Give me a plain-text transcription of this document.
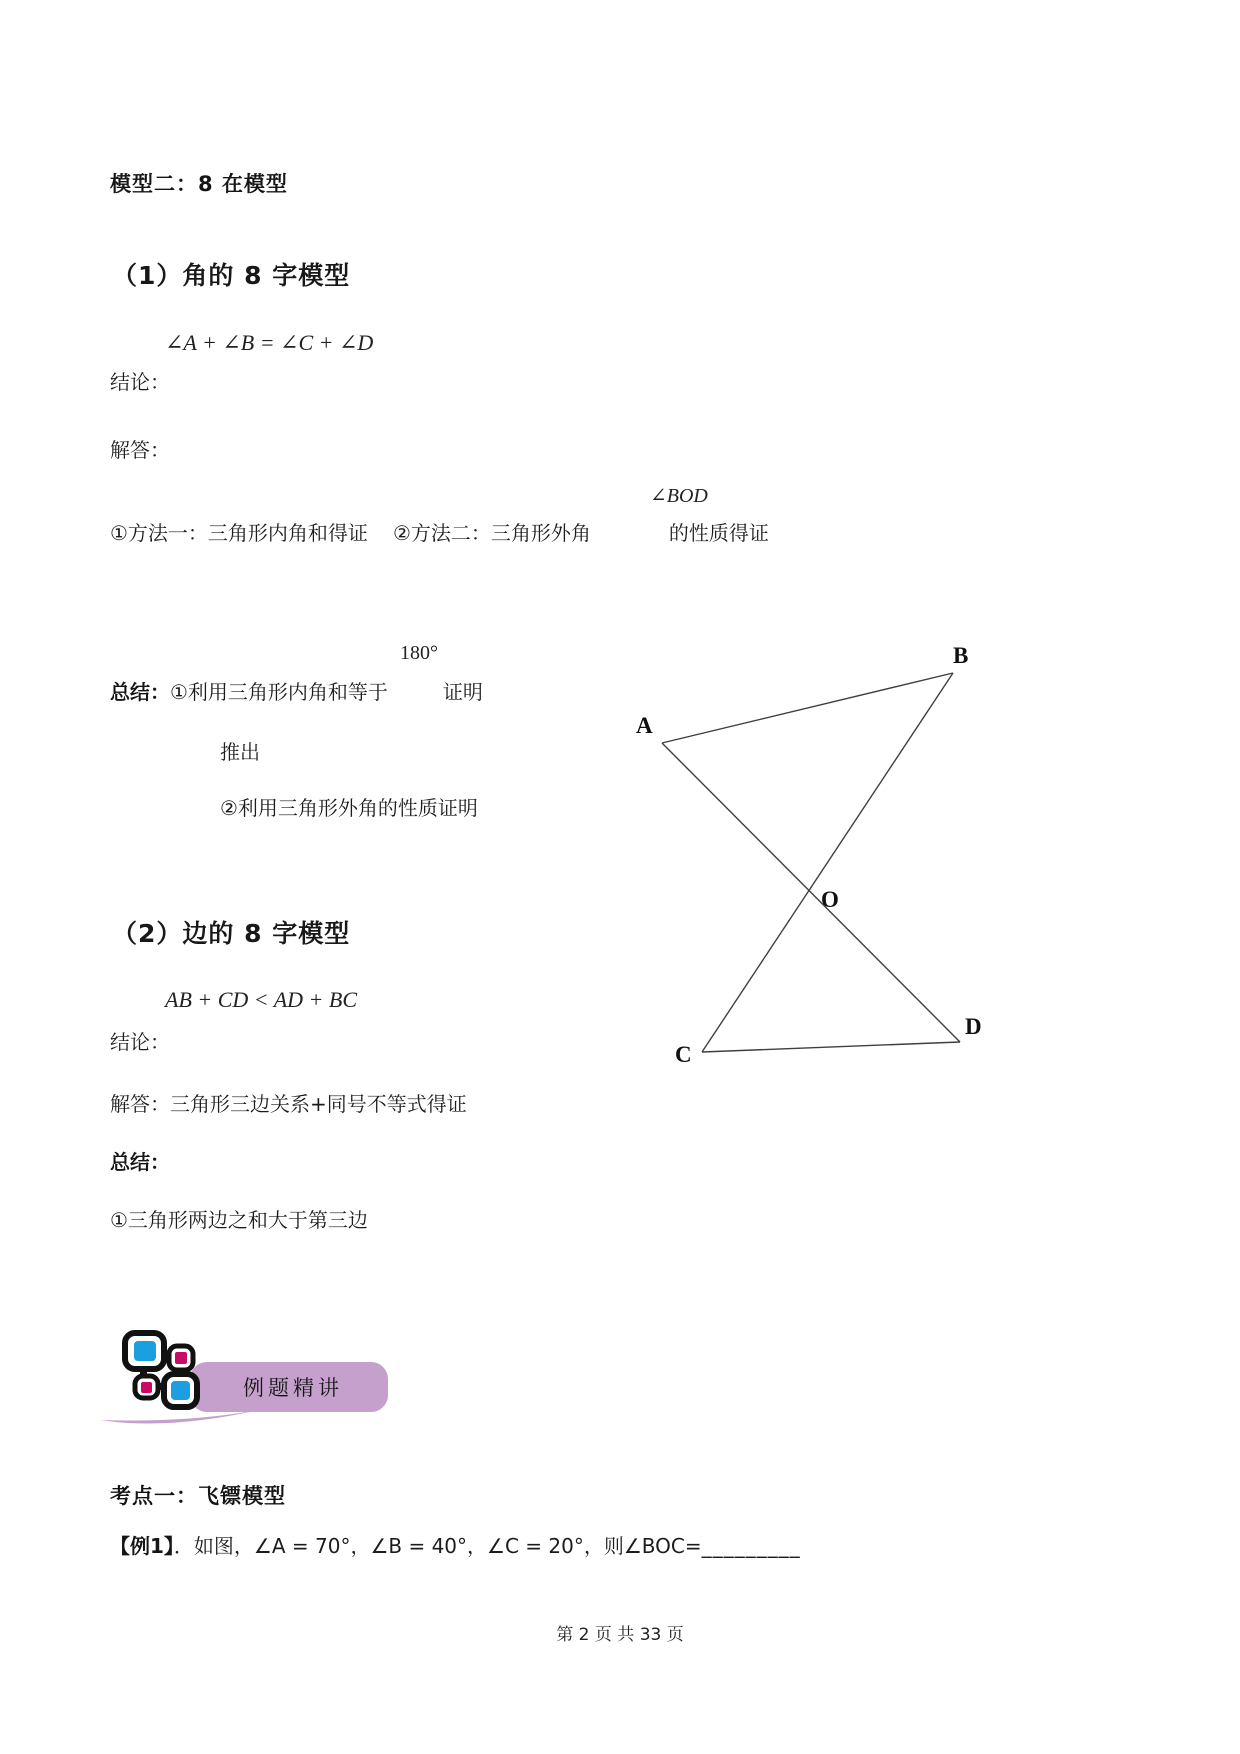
模型二：8 在模型
（1）角的 8 字模型
∠A + ∠B = ∠C + ∠D
结论：
解答：
∠BOD
①方法一：三角形内角和得证 ②方法二：三角形外角	的性质得证
180°
总结：①利用三角形内角和等于	证明
推出
②利用三角形外角的性质证明
A
B
O
C
D
（2）边的 8 字模型
AB + CD < AD + BC
结论：
解答：三角形三边关系+同号不等式得证
总结：
①三角形两边之和大于第三边
例题精讲
考点一：飞镖模型
【例1】．如图，∠A = 70°，∠B = 40°，∠C = 20°，则∠BOC=_________
第 2 页 共 33 页
